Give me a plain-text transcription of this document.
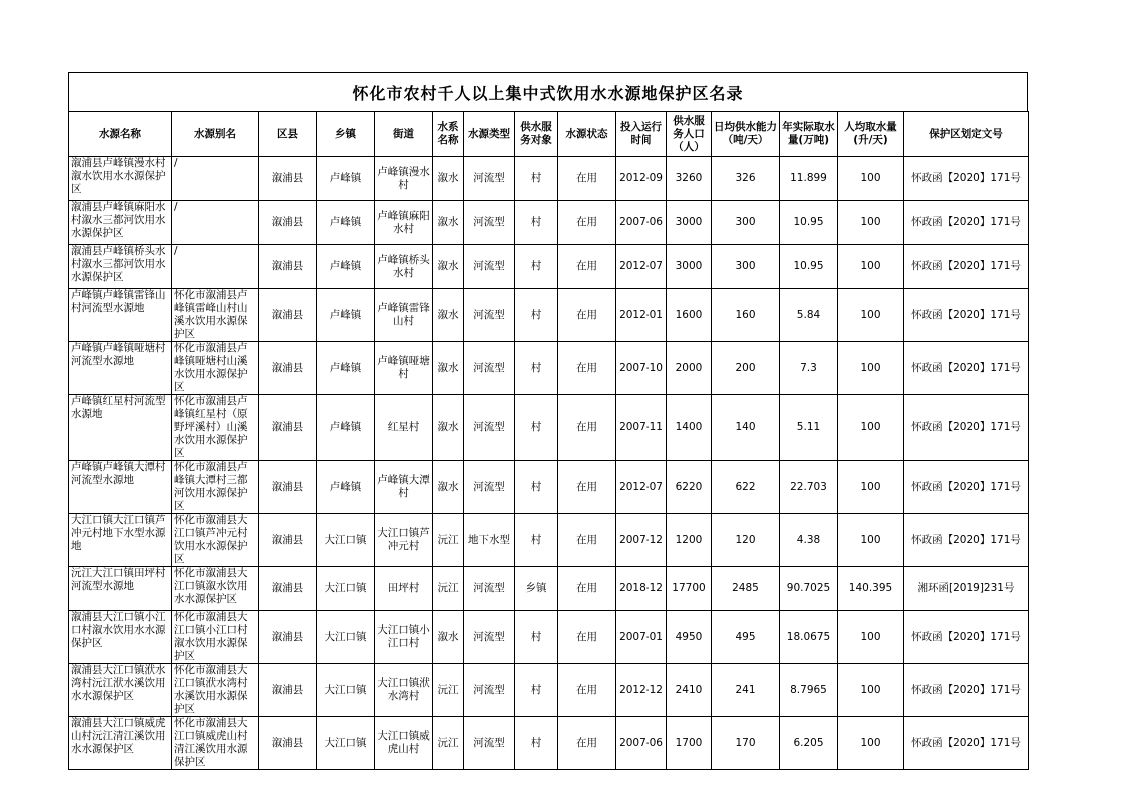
怀化市农村千人以上集中式饮用水水源地保护区名录
水源名称	水源别名	区县	乡镇	街道	水系名称	水源类型	供水服务对象	水源状态	投入运行时间	供水服务人口（人）	日均供水能力（吨/天）	年实际取水量(万吨)	人均取水量(升/天)	保护区划定文号
溆浦县卢峰镇漫水村溆水饮用水水源保护区	/	溆浦县	卢峰镇	卢峰镇漫水村	溆水	河流型	村	在用	2012-09	3260	326	11.899	100	怀政函【2020】171号
溆浦县卢峰镇麻阳水村溆水三都河饮用水水源保护区	/	溆浦县	卢峰镇	卢峰镇麻阳水村	溆水	河流型	村	在用	2007-06	3000	300	10.95	100	怀政函【2020】171号
溆浦县卢峰镇桥头水村溆水三都河饮用水水源保护区	/	溆浦县	卢峰镇	卢峰镇桥头水村	溆水	河流型	村	在用	2012-07	3000	300	10.95	100	怀政函【2020】171号
卢峰镇卢峰镇雷锋山村河流型水源地	怀化市溆浦县卢峰镇雷峰山村山溪水饮用水源保护区	溆浦县	卢峰镇	卢峰镇雷锋山村	溆水	河流型	村	在用	2012-01	1600	160	5.84	100	怀政函【2020】171号
卢峰镇卢峰镇哑塘村河流型水源地	怀化市溆浦县卢峰镇哑塘村山溪水饮用水源保护区	溆浦县	卢峰镇	卢峰镇哑塘村	溆水	河流型	村	在用	2007-10	2000	200	7.3	100	怀政函【2020】171号
卢峰镇红星村河流型水源地	怀化市溆浦县卢峰镇红星村（原野坪溪村）山溪水饮用水源保护区	溆浦县	卢峰镇	红星村	溆水	河流型	村	在用	2007-11	1400	140	5.11	100	怀政函【2020】171号
卢峰镇卢峰镇大潭村河流型水源地	怀化市溆浦县卢峰镇大潭村三都河饮用水源保护区	溆浦县	卢峰镇	卢峰镇大潭村	溆水	河流型	村	在用	2012-07	6220	622	22.703	100	怀政函【2020】171号
大江口镇大江口镇芦冲元村地下水型水源地	怀化市溆浦县大江口镇芦冲元村饮用水水源保护区	溆浦县	大江口镇	大江口镇芦冲元村	沅江	地下水型	村	在用	2007-12	1200	120	4.38	100	怀政函【2020】171号
沅江大江口镇田坪村河流型水源地	怀化市溆浦县大江口镇溆水饮用水水源保护区	溆浦县	大江口镇	田坪村	沅江	河流型	乡镇	在用	2018-12	17700	2485	90.7025	140.395	湘环函[2019]231号
溆浦县大江口镇小江口村溆水饮用水水源保护区	怀化市溆浦县大江口镇小江口村溆水饮用水源保护区	溆浦县	大江口镇	大江口镇小江口村	溆水	河流型	村	在用	2007-01	4950	495	18.0675	100	怀政函【2020】171号
溆浦县大江口镇洑水湾村沅江洑水溪饮用水水源保护区	怀化市溆浦县大江口镇洑水湾村水溪饮用水源保护区	溆浦县	大江口镇	大江口镇洑水湾村	沅江	河流型	村	在用	2012-12	2410	241	8.7965	100	怀政函【2020】171号
溆浦县大江口镇威虎山村沅江清江溪饮用水水源保护区	怀化市溆浦县大江口镇威虎山村清江溪饮用水源保护区	溆浦县	大江口镇	大江口镇威虎山村	沅江	河流型	村	在用	2007-06	1700	170	6.205	100	怀政函【2020】171号
